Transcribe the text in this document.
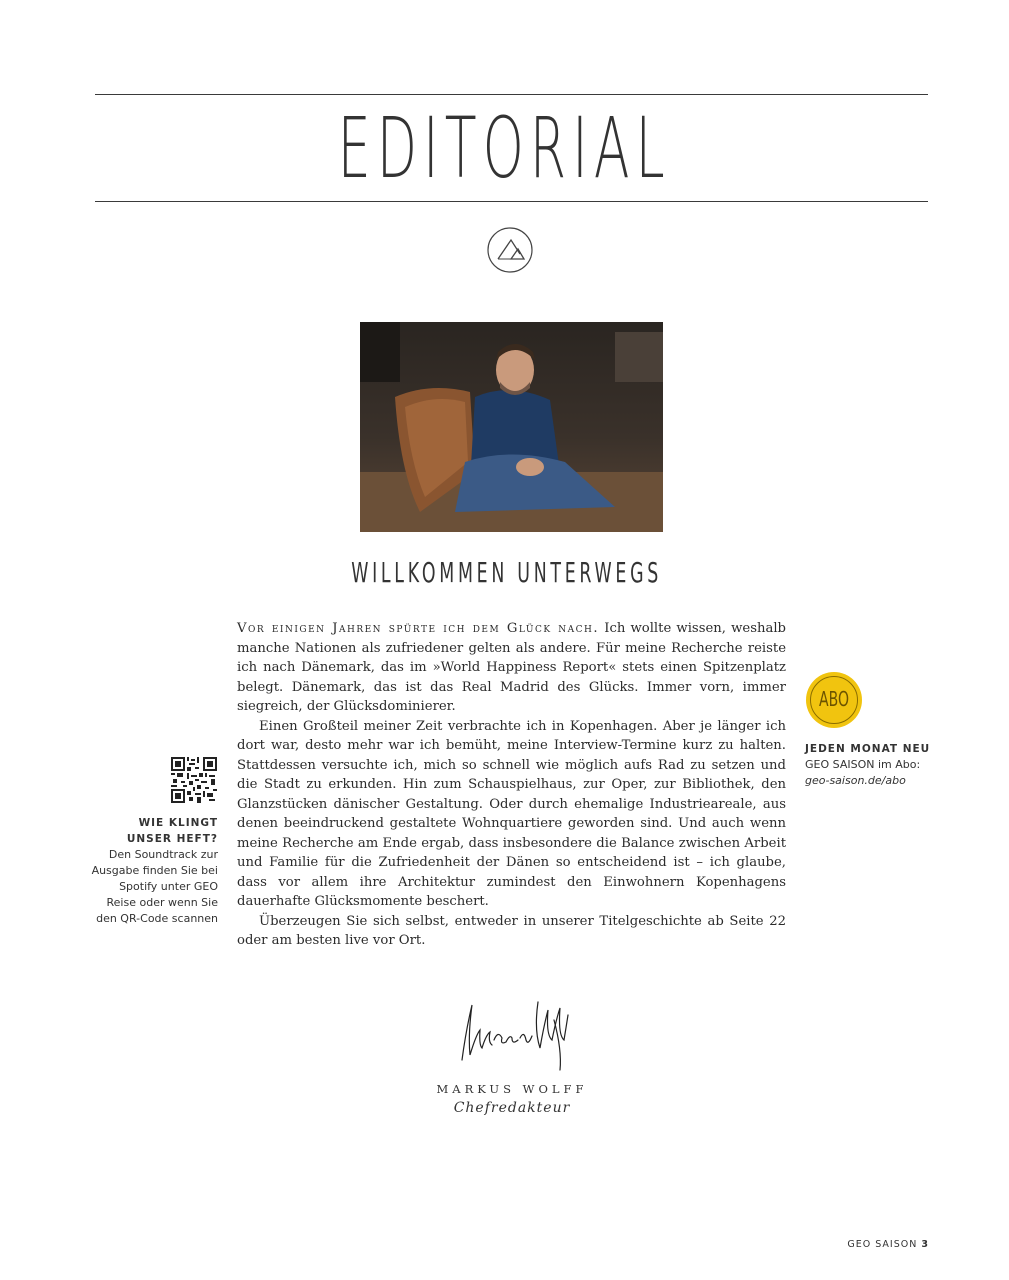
EDITORIAL
WILLKOMMEN UNTERWEGS

Vor einigen Jahren spürte ich dem Glück nach. Ich wollte wissen, weshalb manche Nationen als zufriedener gelten als andere. Für meine Recherche reiste ich nach Dänemark, das im »World Happiness Report« stets einen Spitzenplatz belegt. Dänemark, das ist das Real Madrid des Glücks. Immer vorn, immer siegreich, der Glücksdominierer.

Einen Großteil meiner Zeit verbrachte ich in Kopenhagen. Aber je länger ich dort war, desto mehr war ich bemüht, meine Interview-Termine kurz zu halten. Stattdessen versuchte ich, mich so schnell wie möglich aufs Rad zu setzen und die Stadt zu erkunden. Hin zum Schauspielhaus, zur Oper, zur Bibliothek, den Glanzstücken dänischer Gestaltung. Oder durch ehemalige Industrieareale, aus denen beeindruckend gestaltete Wohnquartiere geworden sind. Und auch wenn meine Recherche am Ende ergab, dass insbesondere die Balance zwischen Arbeit und Familie für die Zufriedenheit der Dänen so entscheidend ist – ich glaube, dass vor allem ihre Architektur zumindest den Einwohnern Kopenhagens dauerhafte Glücksmomente beschert.

Überzeugen Sie sich selbst, entweder in unserer Titelgeschichte ab Seite 22 oder am besten live vor Ort.

WIE KLINGT
UNSER HEFT?
Den Soundtrack zur Ausgabe finden Sie bei Spotify unter GEO Reise oder wenn Sie den QR-Code scannen
ABO
JEDEN MONAT NEU
GEO SAISON im Abo:
geo-saison.de/abo
MARKUS WOLFF
Chefredakteur
GEO SAISON 3
